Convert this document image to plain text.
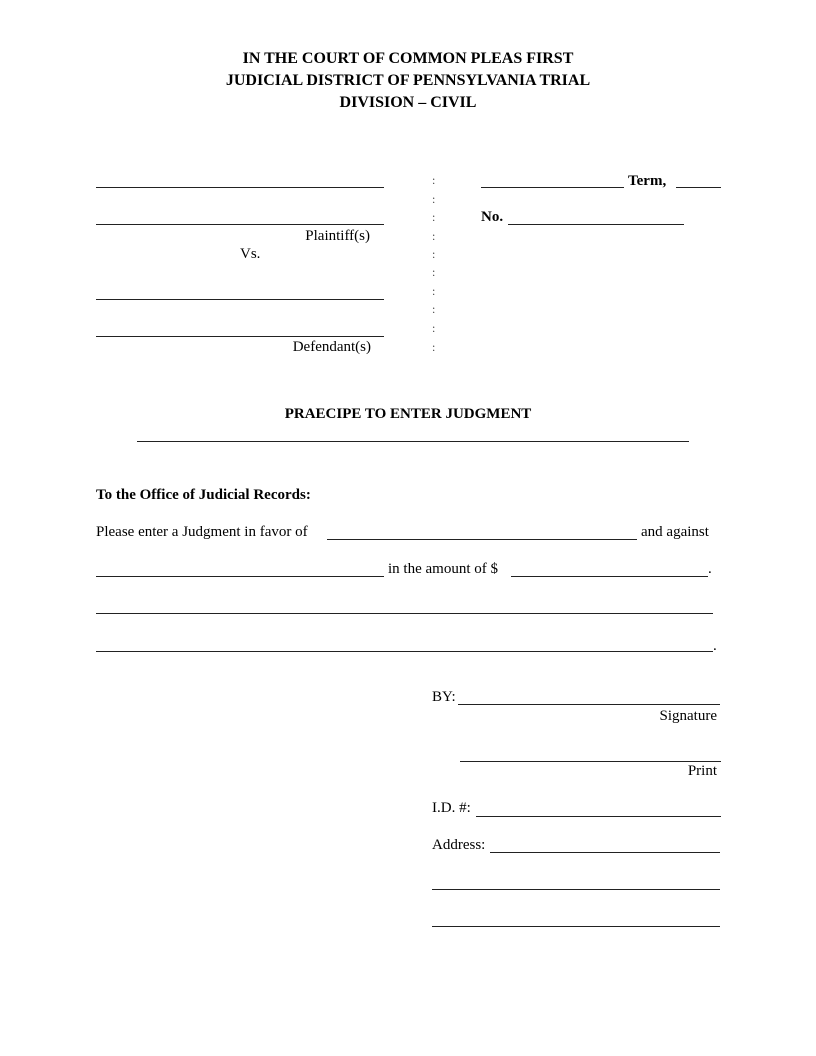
IN THE COURT OF COMMON PLEAS FIRST
JUDICIAL DISTRICT OF PENNSYLVANIA TRIAL
DIVISION – CIVIL
Plaintiff(s)
Vs.
Defendant(s)
:
:
:
:
:
:
:
:
:
:
Term,
No.
PRAECIPE TO ENTER JUDGMENT
To the Office of Judicial Records:
Please enter a Judgment in favor of	and against
in the amount of $	.
.
BY:
Signature
Print
I.D. #:
Address:
